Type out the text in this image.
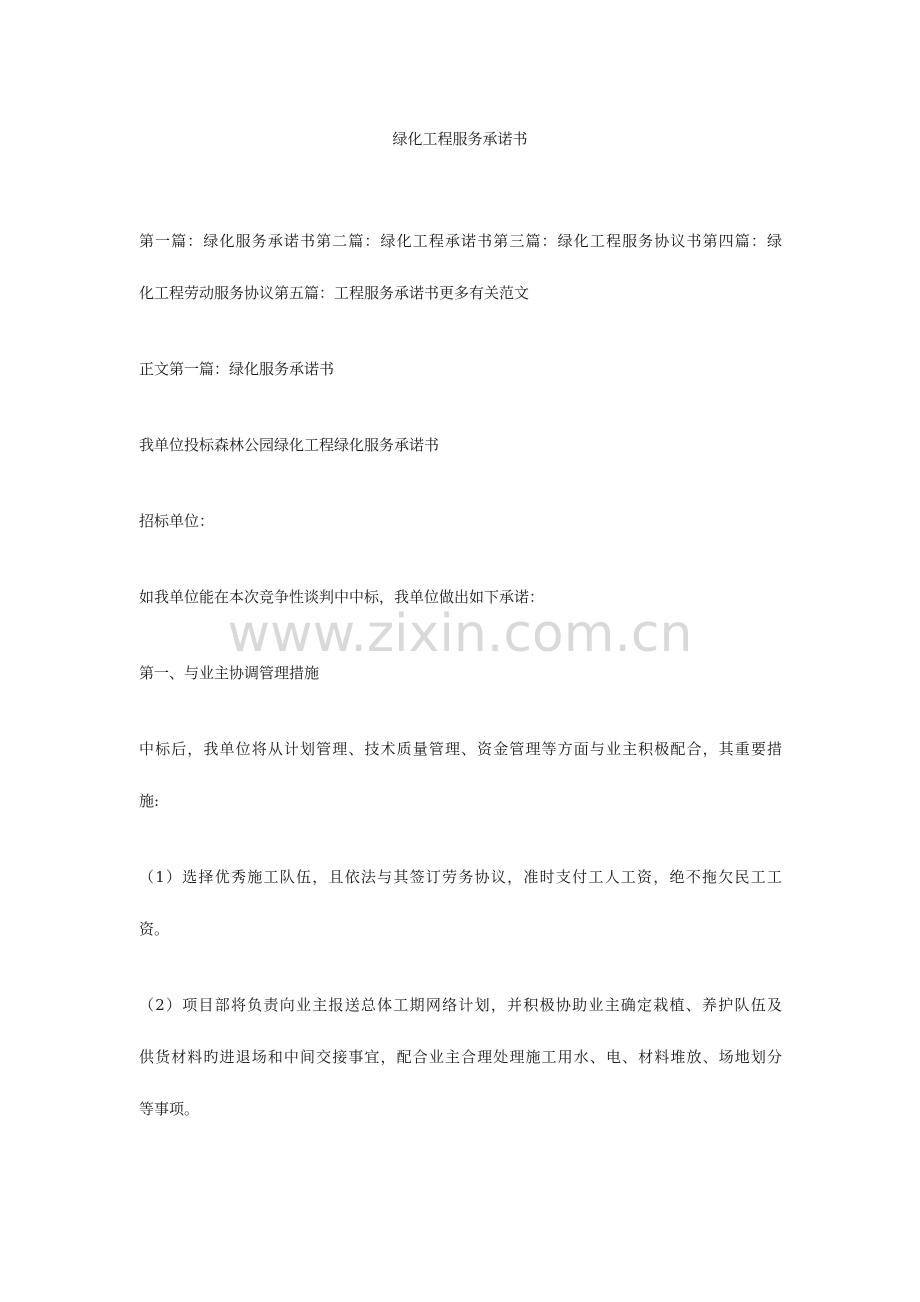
绿化工程服务承诺书
第一篇：绿化服务承诺书第二篇：绿化工程承诺书第三篇：绿化工程服务协议书第四篇：绿
化工程劳动服务协议第五篇：工程服务承诺书更多有关范文
正文第一篇：绿化服务承诺书
我单位投标森林公园绿化工程绿化服务承诺书
招标单位：
如我单位能在本次竞争性谈判中中标，我单位做出如下承诺：
www.zixin.com.cn
第一、与业主协调管理措施
中标后，我单位将从计划管理、技术质量管理、资金管理等方面与业主积极配合，其重要措
施:
（1）选择优秀施工队伍，且依法与其签订劳务协议，准时支付工人工资，绝不拖欠民工工
资。
（2）项目部将负责向业主报送总体工期网络计划，并积极协助业主确定栽植、养护队伍及
供货材料旳进退场和中间交接事宜，配合业主合理处理施工用水、电、材料堆放、场地划分
等事项。
